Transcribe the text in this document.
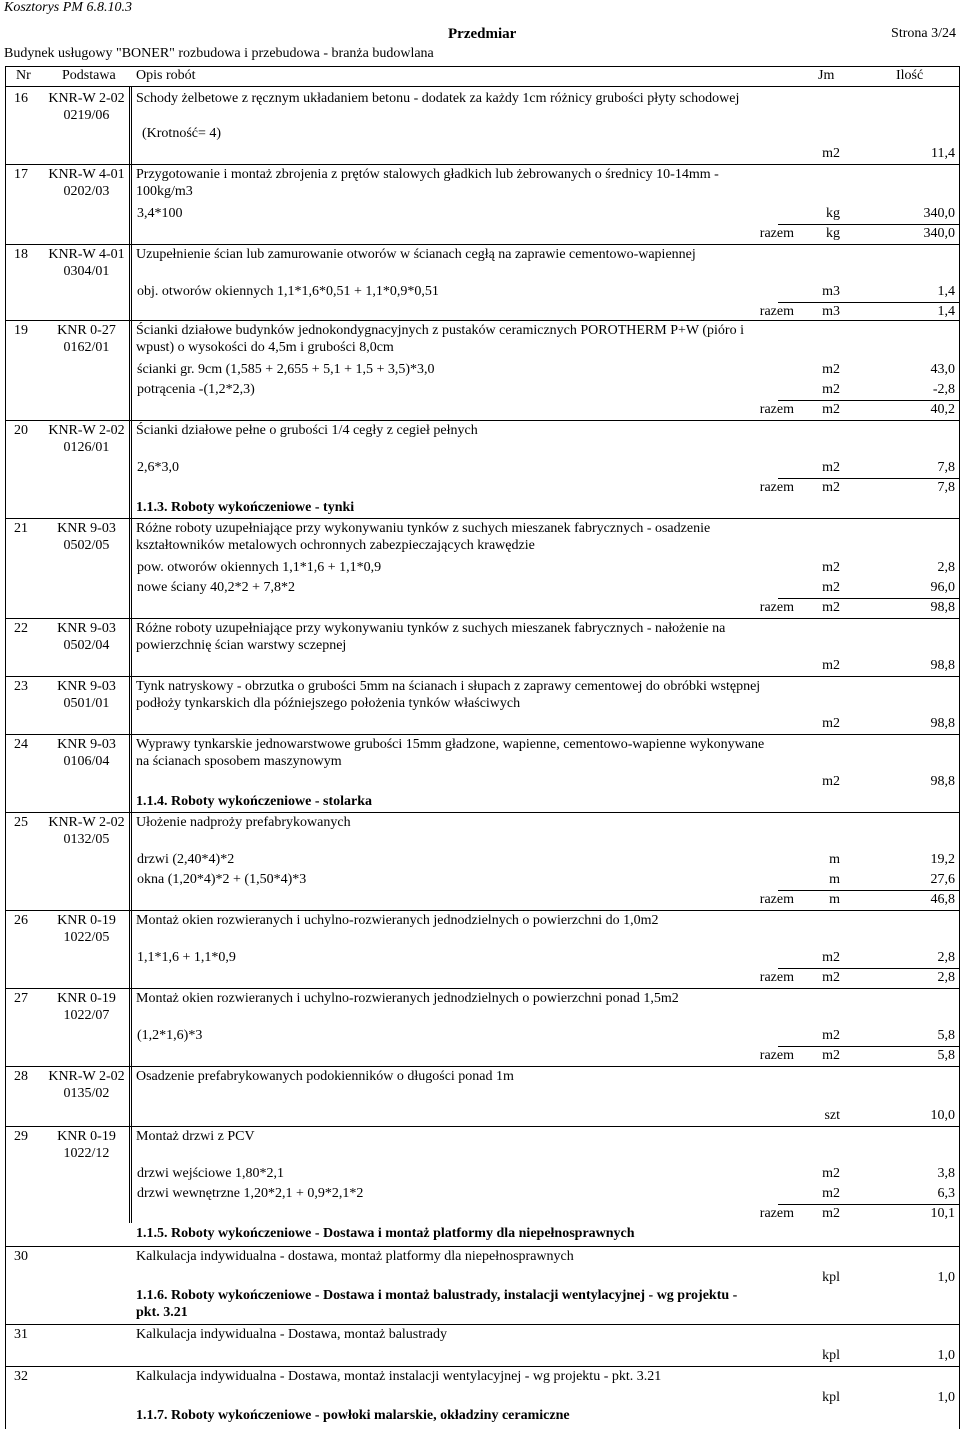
Kosztorys PM 6.8.10.3
Przedmiar	Strona 3/24
Budynek usługowy "BONER" rozbudowa i przebudowa - branża budowlana
Nr Podstawa Opis robót	Jm	Ilość
16	KNR-W 2-02
0219/06
Schody żelbetowe z ręcznym układaniem betonu - dodatek za każdy 1cm różnicy grubości płyty schodowej
(Krotność= 4)
m2	11,4
17	KNR-W 4-01
0202/03
Przygotowanie i montaż zbrojenia z prętów stalowych gładkich lub żebrowanych o średnicy 10-14mm -
100kg/m3
3,4*100	kg	340,0
razem	kg	340,0
18	KNR-W 4-01
0304/01
Uzupełnienie ścian lub zamurowanie otworów w ścianach cegłą na zaprawie cementowo-wapiennej
obj. otworów okiennych 1,1*1,6*0,51 + 1,1*0,9*0,51	m3	1,4
razem	m3	1,4
19	KNR 0-27
0162/01
Ścianki działowe budynków jednokondygnacyjnych z pustaków ceramicznych POROTHERM P+W (pióro i
wpust) o wysokości do 4,5m i grubości 8,0cm
ścianki gr. 9cm (1,585 + 2,655 + 5,1 + 1,5 + 3,5)*3,0	m2	43,0
potrącenia -(1,2*2,3)	m2	-2,8
razem	m2	40,2
20	KNR-W 2-02
0126/01
Ścianki działowe pełne o grubości 1/4 cegły z cegieł pełnych
2,6*3,0	m2	7,8
razem	m2	7,8
1.1.3. Roboty wykończeniowe - tynki
21	KNR 9-03
0502/05
Różne roboty uzupełniające przy wykonywaniu tynków z suchych mieszanek fabrycznych - osadzenie
kształtowników metalowych ochronnych zabezpieczających krawędzie
pow. otworów okiennych 1,1*1,6 + 1,1*0,9	m2	2,8
nowe ściany 40,2*2 + 7,8*2	m2	96,0
razem	m2	98,8
22	KNR 9-03
0502/04
Różne roboty uzupełniające przy wykonywaniu tynków z suchych mieszanek fabrycznych - nałożenie na
powierzchnię ścian warstwy sczepnej
m2	98,8
23	KNR 9-03
0501/01
Tynk natryskowy - obrzutka o grubości 5mm na ścianach i słupach z zaprawy cementowej do obróbki wstępnej
podłoży tynkarskich dla późniejszego położenia tynków właściwych
m2	98,8
24	KNR 9-03
0106/04
Wyprawy tynkarskie jednowarstwowe grubości 15mm gładzone, wapienne, cementowo-wapienne wykonywane
na ścianach sposobem maszynowym
m2	98,8
1.1.4. Roboty wykończeniowe - stolarka
25	KNR-W 2-02
0132/05
Ułożenie nadproży prefabrykowanych
drzwi (2,40*4)*2	m	19,2
okna (1,20*4)*2 + (1,50*4)*3	m	27,6
razem	m	46,8
26	KNR 0-19
1022/05
Montaż okien rozwieranych i uchylno-rozwieranych jednodzielnych o powierzchni do 1,0m2
1,1*1,6 + 1,1*0,9	m2	2,8
razem	m2	2,8
27	KNR 0-19
1022/07
Montaż okien rozwieranych i uchylno-rozwieranych jednodzielnych o powierzchni ponad 1,5m2
(1,2*1,6)*3	m2	5,8
razem	m2	5,8
28	KNR-W 2-02
0135/02
Osadzenie prefabrykowanych podokienników o długości ponad 1m
szt	10,0
29	KNR 0-19
1022/12
Montaż drzwi z PCV
drzwi wejściowe 1,80*2,1	m2	3,8
drzwi wewnętrzne 1,20*2,1 + 0,9*2,1*2	m2	6,3
razem	m2	10,1
1.1.5. Roboty wykończeniowe - Dostawa i montaż platformy dla niepełnosprawnych
30	Kalkulacja indywidualna - dostawa, montaż platformy dla niepełnosprawnych
kpl	1,0
1.1.6. Roboty wykończeniowe - Dostawa i montaż balustrady, instalacji wentylacyjnej - wg projektu -
pkt. 3.21
31	Kalkulacja indywidualna - Dostawa, montaż balustrady
kpl	1,0
32	Kalkulacja indywidualna - Dostawa, montaż instalacji wentylacyjnej - wg projektu - pkt. 3.21
kpl	1,0
1.1.7. Roboty wykończeniowe - powłoki malarskie, okładziny ceramiczne
